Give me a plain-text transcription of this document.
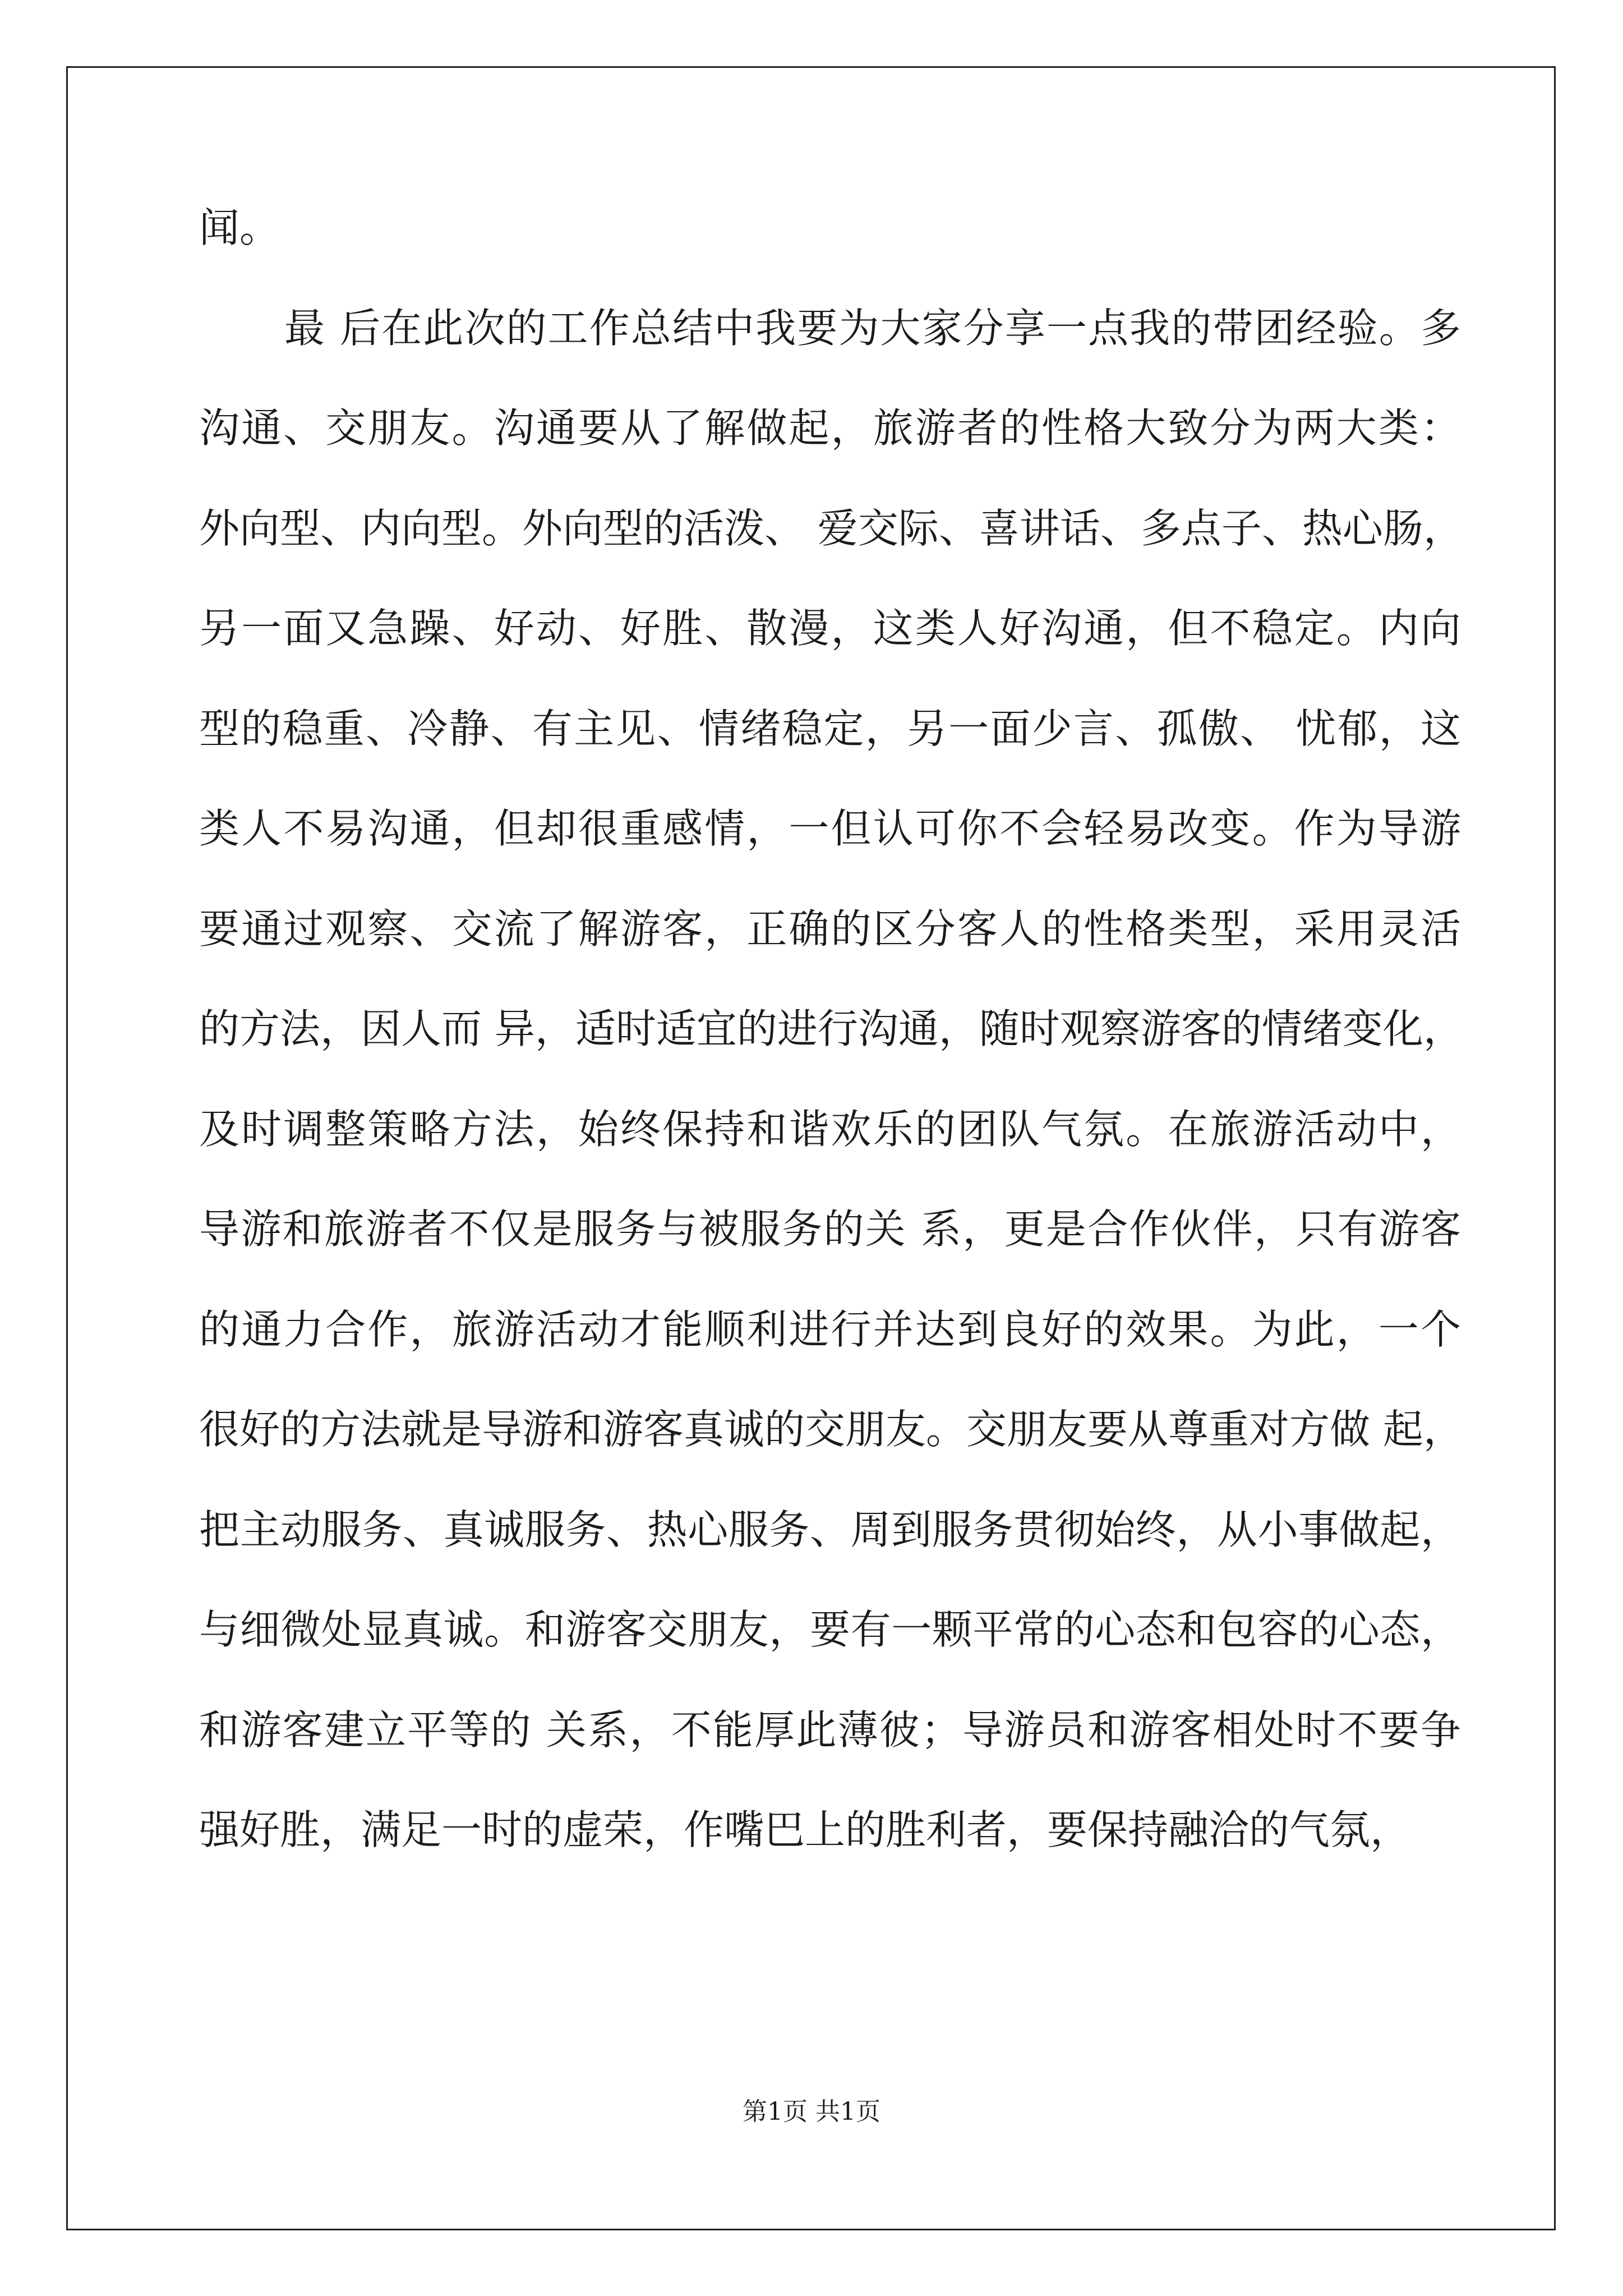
闻。
最 后在此次的工作总结中我要为大家分享一点我的带团经验。多
沟通、交朋友。沟通要从了解做起，旅游者的性格大致分为两大类：
外向型、内向型。外向型的活泼、 爱交际、喜讲话、多点子、热心肠，
另一面又急躁、好动、好胜、散漫，这类人好沟通，但不稳定。内向
型的稳重、冷静、有主见、情绪稳定，另一面少言、孤傲、 忧郁，这
类人不易沟通，但却很重感情，一但认可你不会轻易改变。作为导游
要通过观察、交流了解游客，正确的区分客人的性格类型，采用灵活
的方法，因人而 异，适时适宜的进行沟通，随时观察游客的情绪变化，
及时调整策略方法，始终保持和谐欢乐的团队气氛。在旅游活动中，
导游和旅游者不仅是服务与被服务的关 系，更是合作伙伴，只有游客
的通力合作，旅游活动才能顺利进行并达到良好的效果。为此，一个
很好的方法就是导游和游客真诚的交朋友。交朋友要从尊重对方做 起，
把主动服务、真诚服务、热心服务、周到服务贯彻始终，从小事做起，
与细微处显真诚。和游客交朋友，要有一颗平常的心态和包容的心态，
和游客建立平等的 关系，不能厚此薄彼；导游员和游客相处时不要争
强好胜，满足一时的虚荣，作嘴巴上的胜利者，要保持融洽的气氛，
第1页 共1页
